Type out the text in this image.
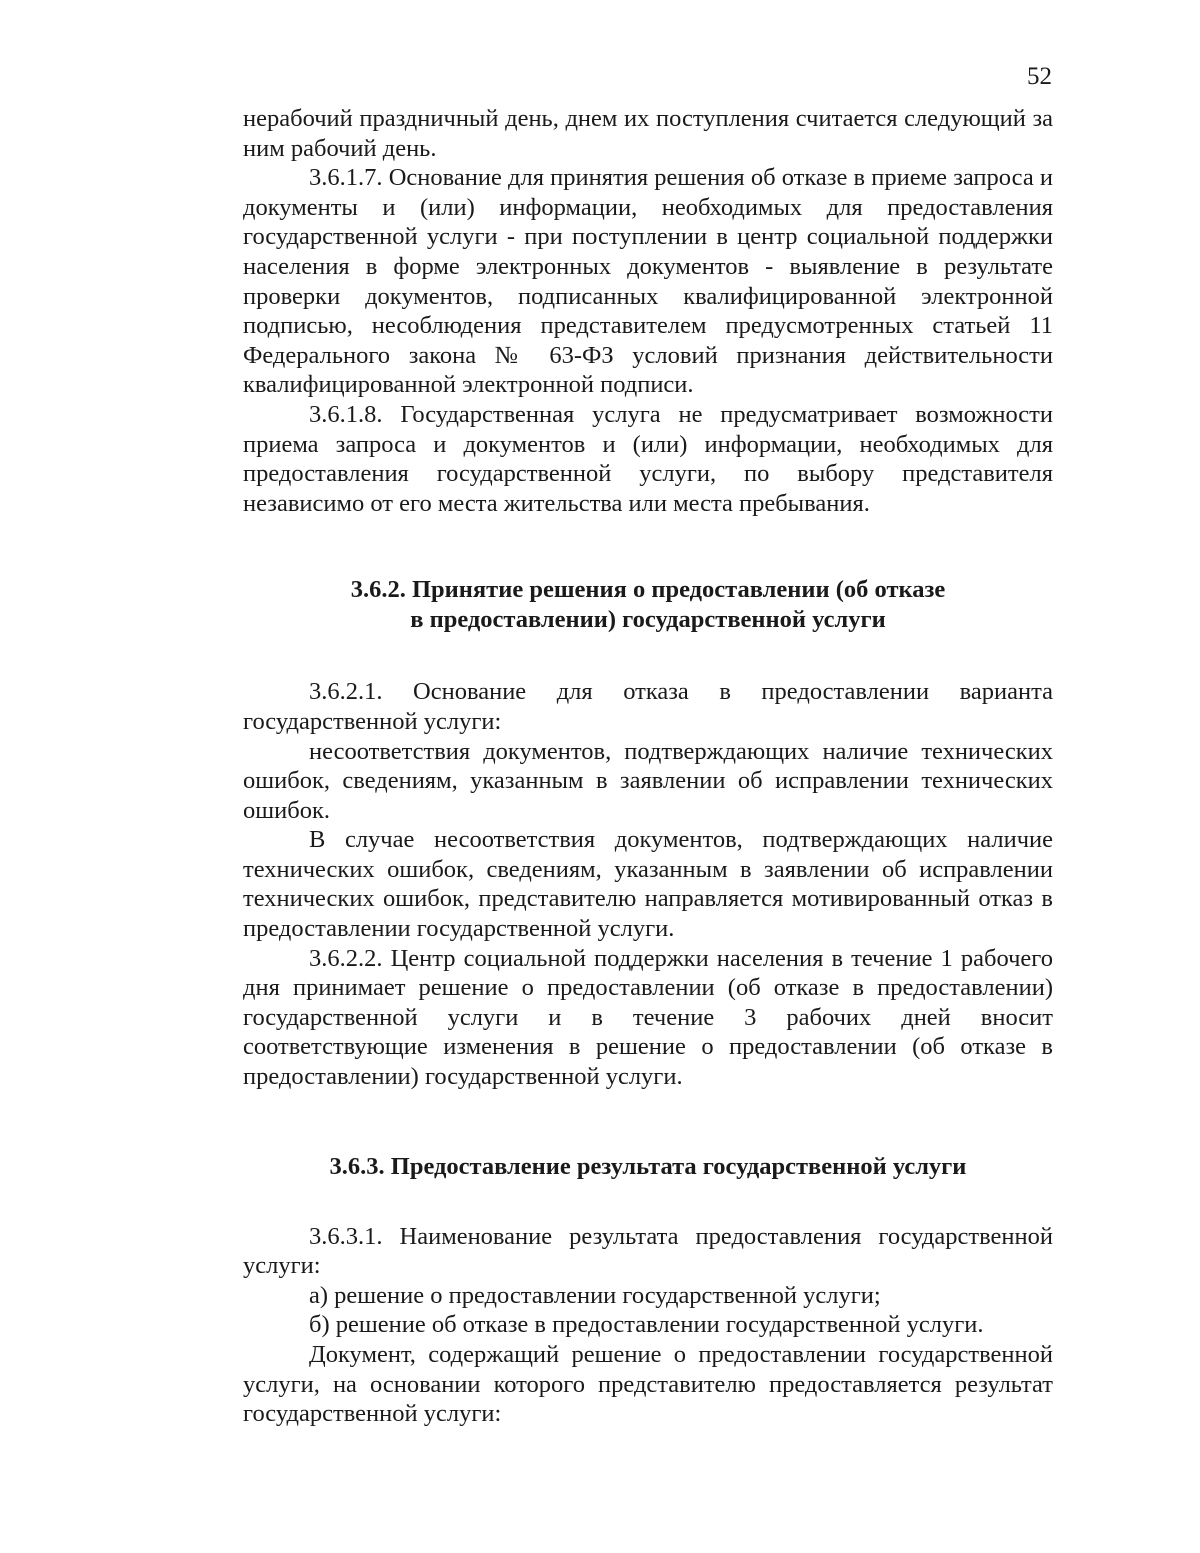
52

нерабочий праздничный день, днем их поступления считается следующий за ним рабочий день.

3.6.1.7. Основание для принятия решения об отказе в приеме запроса и документы и (или) информации, необходимых для предоставления государственной услуги - при поступлении в центр социальной поддержки населения в форме электронных документов - выявление в результате проверки документов, подписанных квалифицированной электронной подписью, несоблюдения представителем предусмотренных статьей 11 Федерального закона № 63-ФЗ условий признания действительности квалифицированной электронной подписи.

3.6.1.8. Государственная услуга не предусматривает возможности приема запроса и документов и (или) информации, необходимых для предоставления государственной услуги, по выбору представителя независимо от его места жительства или места пребывания.

3.6.2. Принятие решения о предоставлении (об отказе
в предоставлении) государственной услуги

3.6.2.1. Основание для отказа в предоставлении варианта государственной услуги:

несоответствия документов, подтверждающих наличие технических ошибок, сведениям, указанным в заявлении об исправлении технических ошибок.

В случае несоответствия документов, подтверждающих наличие технических ошибок, сведениям, указанным в заявлении об исправлении технических ошибок, представителю направляется мотивированный отказ в предоставлении государственной услуги.

3.6.2.2. Центр социальной поддержки населения в течение 1 рабочего дня принимает решение о предоставлении (об отказе в предоставлении) государственной услуги и в течение 3 рабочих дней вносит соответствующие изменения в решение о предоставлении (об отказе в предоставлении) государственной услуги.

3.6.3. Предоставление результата государственной услуги

3.6.3.1. Наименование результата предоставления государственной услуги:

а) решение о предоставлении государственной услуги;

б) решение об отказе в предоставлении государственной услуги.

Документ, содержащий решение о предоставлении государственной услуги, на основании которого представителю предоставляется результат государственной услуги:
